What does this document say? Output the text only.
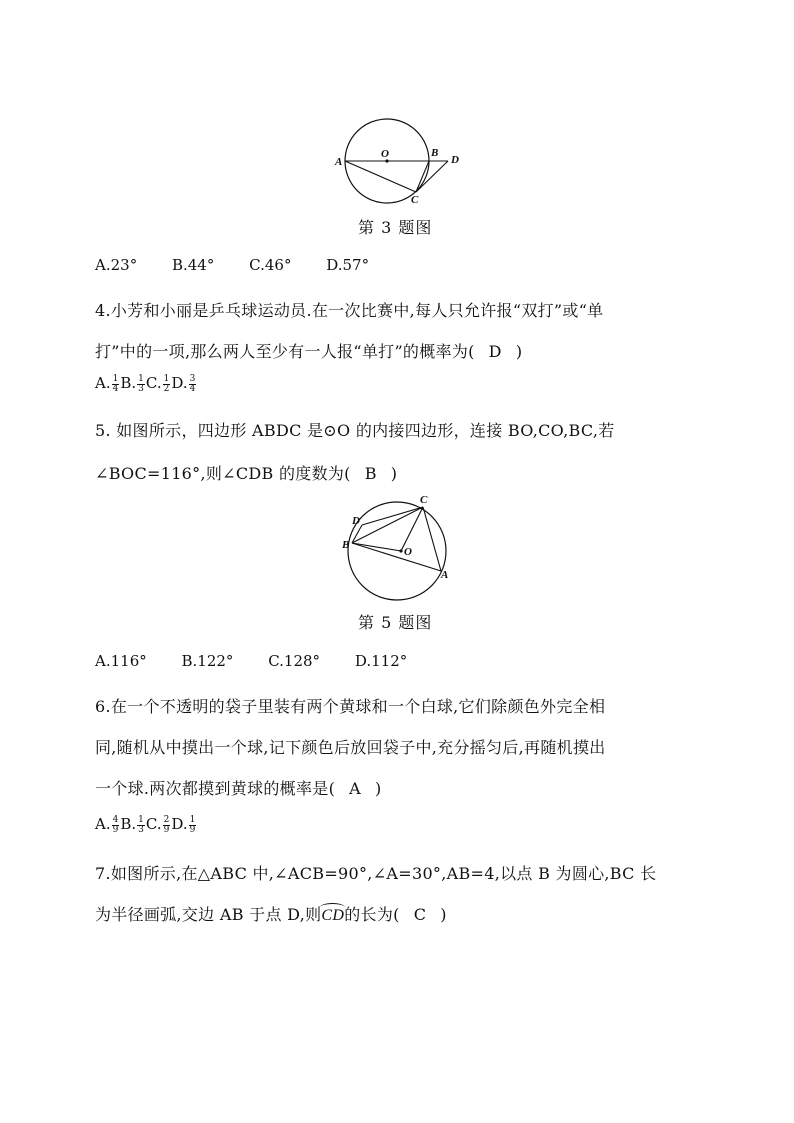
A
O	B
D
C
第 3 题图
A.23° B.44° C.46° D.57°
4.小芳和小丽是乒乓球运动员.在一次比赛中,每人只允许报“双打”或“单
打”中的一项,那么两人至少有一人报“单打”的概率为( D )
A. $\frac{1}{4} B$. $\frac{1}{3} C$. $\frac{1}{2} D$. $\frac{3}{4}$
5. 如图所示，四边形 ABDC 是⊙O 的内接四边形，连接 BO,CO,BC,若
∠BOC=116°,则∠CDB 的度数为( B )
C
D
B
O
A
第 5 题图
A.116° B.122° C.128° D.112°
6.在一个不透明的袋子里装有两个黄球和一个白球,它们除颜色外完全相
同,随机从中摸出一个球,记下颜色后放回袋子中,充分摇匀后,再随机摸出
一个球.两次都摸到黄球的概率是( A )
A. $\frac{4}{9} B$. $\frac{1}{3} C$. $\frac{2}{9} D$. $\frac{1}{9}$
7.如图所示,在△ABC 中,∠ACB=90°,∠A=30°,AB=4,以点 B 为圆心,BC 长
为半径画弧,交边 AB 于点 D,则CD的长为( C )
